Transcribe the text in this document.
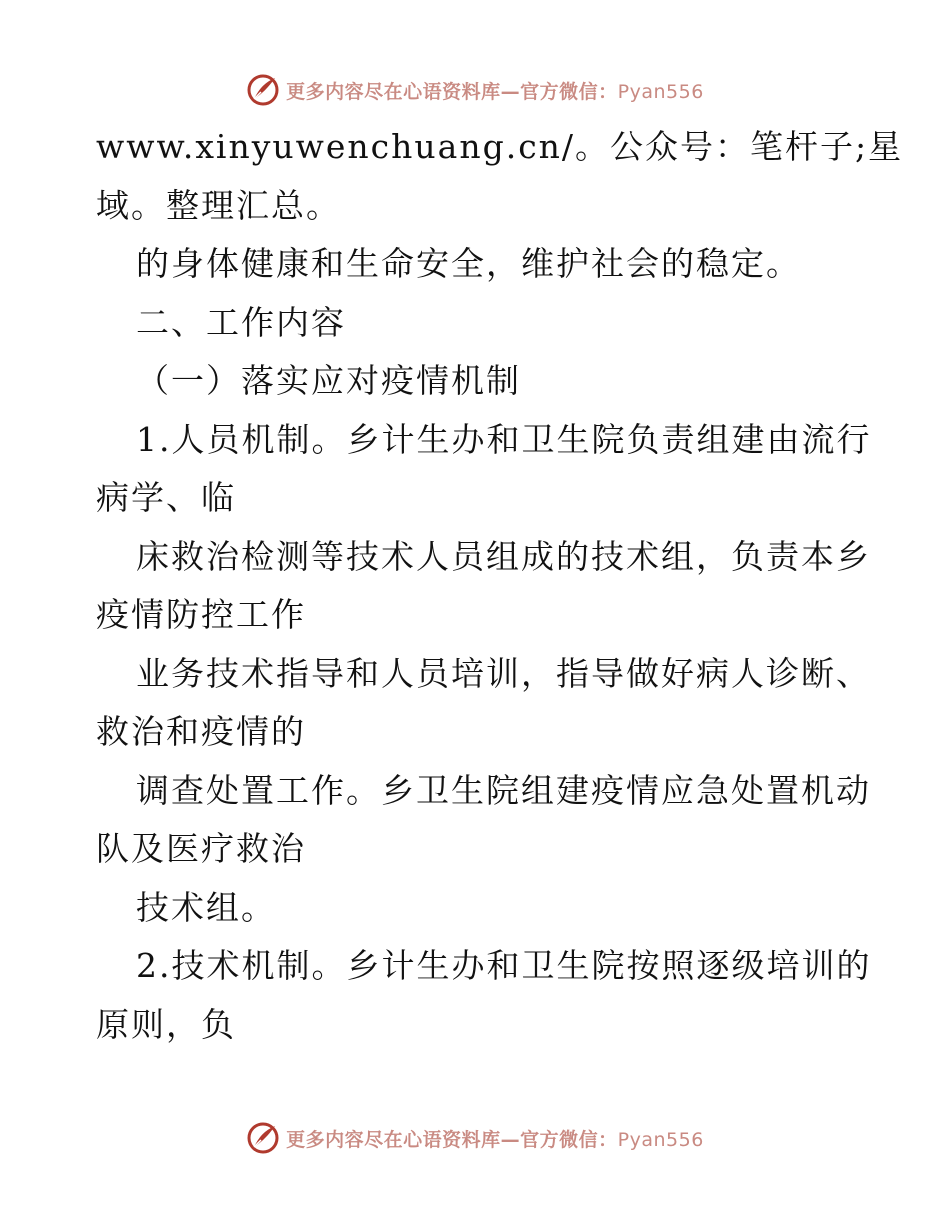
更多内容尽在心语资料库—官方微信：Pyan556
www.xinyuwenchuang.cn/。公众号：笔杆子;星
域。整理汇总。
的身体健康和生命安全，维护社会的稳定。
二、工作内容
（一）落实应对疫情机制
1.人员机制。乡计生办和卫生院负责组建由流行
病学、临
床救治检测等技术人员组成的技术组，负责本乡
疫情防控工作
业务技术指导和人员培训，指导做好病人诊断、
救治和疫情的
调查处置工作。乡卫生院组建疫情应急处置机动
队及医疗救治
技术组。
2.技术机制。乡计生办和卫生院按照逐级培训的
原则，负
更多内容尽在心语资料库—官方微信：Pyan556
